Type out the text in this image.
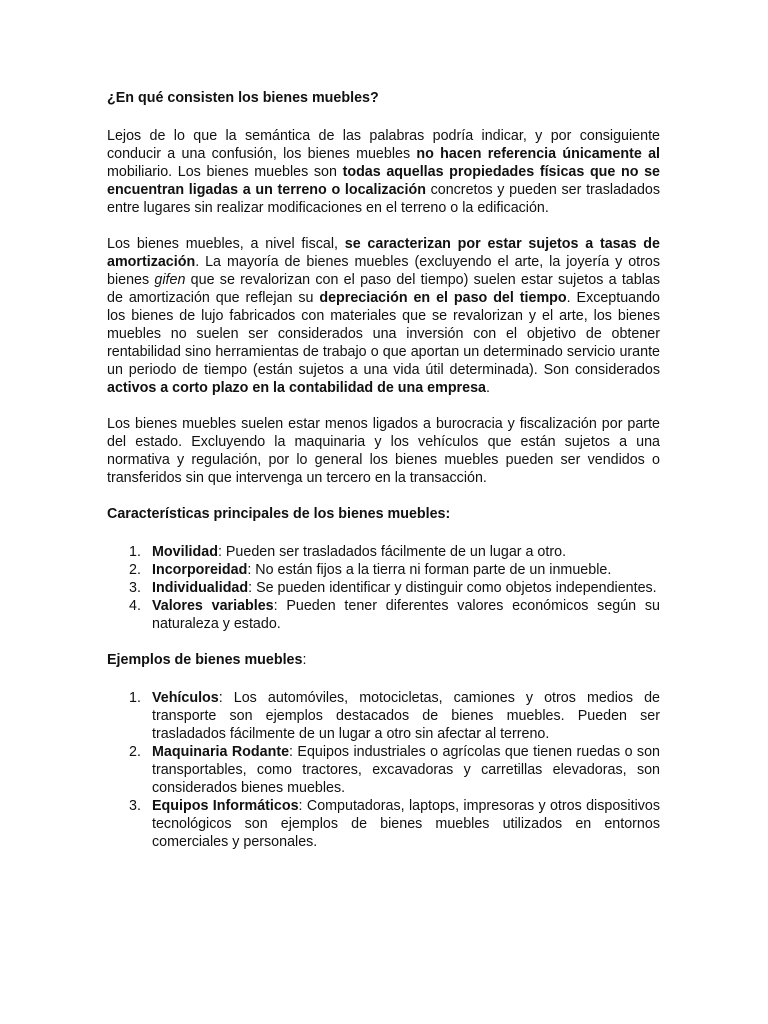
¿En qué consisten los bienes muebles?

Lejos de lo que la semántica de las palabras podría indicar, y por consiguiente conducir a una confusión, los bienes muebles no hacen referencia únicamente al mobiliario. Los bienes muebles son todas aquellas propiedades físicas que no se encuentran ligadas a un terreno o localización concretos y pueden ser trasladados entre lugares sin realizar modificaciones en el terreno o la edificación.

Los bienes muebles, a nivel fiscal, se caracterizan por estar sujetos a tasas de amortización. La mayoría de bienes muebles (excluyendo el arte, la joyería y otros bienes gifen que se revalorizan con el paso del tiempo) suelen estar sujetos a tablas de amortización que reflejan su depreciación en el paso del tiempo. Exceptuando los bienes de lujo fabricados con materiales que se revalorizan y el arte, los bienes muebles no suelen ser considerados una inversión con el objetivo de obtener rentabilidad sino herramientas de trabajo o que aportan un determinado servicio urante un periodo de tiempo (están sujetos a una vida útil determinada). Son considerados activos a corto plazo en la contabilidad de una empresa.

Los bienes muebles suelen estar menos ligados a burocracia y fiscalización por parte del estado. Excluyendo la maquinaria y los vehículos que están sujetos a una normativa y regulación, por lo general los bienes muebles pueden ser vendidos o transferidos sin que intervenga un tercero en la transacción.

Características principales de los bienes muebles:
1. Movilidad: Pueden ser trasladados fácilmente de un lugar a otro.
2. Incorporeidad: No están fijos a la tierra ni forman parte de un inmueble.
3. Individualidad: Se pueden identificar y distinguir como objetos independientes.
4. Valores variables: Pueden tener diferentes valores económicos según su naturaleza y estado.
Ejemplos de bienes muebles:
1. Vehículos: Los automóviles, motocicletas, camiones y otros medios de transporte son ejemplos destacados de bienes muebles. Pueden ser trasladados fácilmente de un lugar a otro sin afectar al terreno.
2. Maquinaria Rodante: Equipos industriales o agrícolas que tienen ruedas o son transportables, como tractores, excavadoras y carretillas elevadoras, son considerados bienes muebles.
3. Equipos Informáticos: Computadoras, laptops, impresoras y otros dispositivos tecnológicos son ejemplos de bienes muebles utilizados en entornos comerciales y personales.
